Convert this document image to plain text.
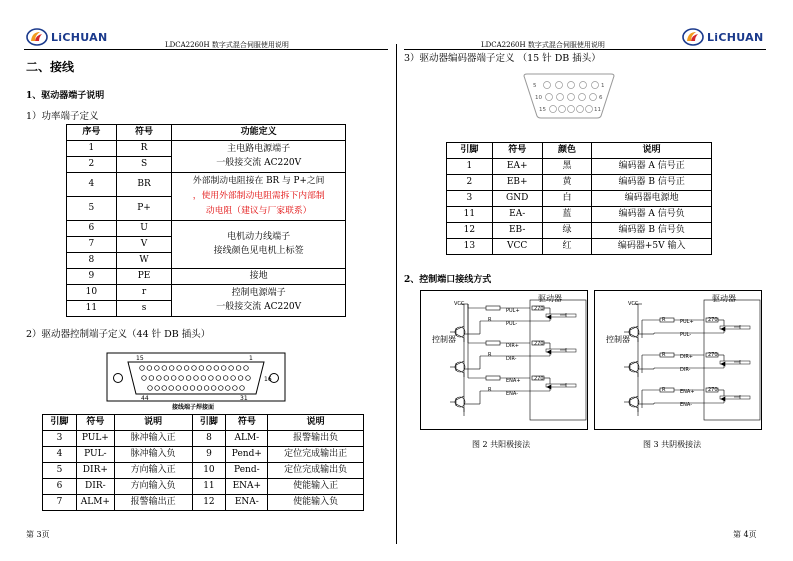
LiCHUAN
LDCA2260H 数字式混合伺服使用说明	LDCA2260H 数字式混合伺服使用说明
LiCHUAN
二、接线
1、驱动器端子说明
1）功率端子定义
序号	符号	功能定义
1	R	主电路电源端子
一般接交流 AC220V
2	S	
4	BR	外部制动电阻接在 BR 与 P+之间
，使用外部制动电阻需拆下内部制
动电阻（建议与厂家联系）
5	P+	
6	U	电机动力线端子
接线颜色见电机上标签
7	V	
8	W	
9	PE	接地
10	r	控制电源端子
一般接交流 AC220V
11	s	
2）驱动器控制端子定义（44 针 DB 插头）
15	1
16
44	31
接线端子焊接面
引脚	符号	说明	引脚	符号	说明
3	PUL+	脉冲输入正	8	ALM-	报警输出负
4	PUL-	脉冲输入负	9	Pend+	定位完成输出正
5	DIR+	方向输入正	10	Pend-	定位完成输出负
6	DIR-	方向输入负	11	ENA+	使能输入正
7	ALM+	报警输出正	12	ENA-	使能输入负
第 3页
3）驱动器编码器端子定义 （15 针 DB 插头）
5	1
10	6
15	11
引脚	符号	颜色	说明
1	EA+	黑	编码器 A 信号正
2	EB+	黄	编码器 B 信号正
3	GND	白	编码器电源地
11	EA-	蓝	编码器 A 信号负
12	EB-	绿	编码器 B 信号负
13	VCC	红	编码器+5V 输入
2、控制端口接线方式
驱动器
控制器
VCC
PUL+
PUL-
DIR+
DIR-
ENA+
ENA-
R
R
R
270
270
270
图 2 共阳极接法
驱动器
控制器
VCC
PUL+
PUL-
DIR+
DIR-
ENA+
ENA-
R
R
R
270
270
270
图 3 共阴极接法
第 4页
